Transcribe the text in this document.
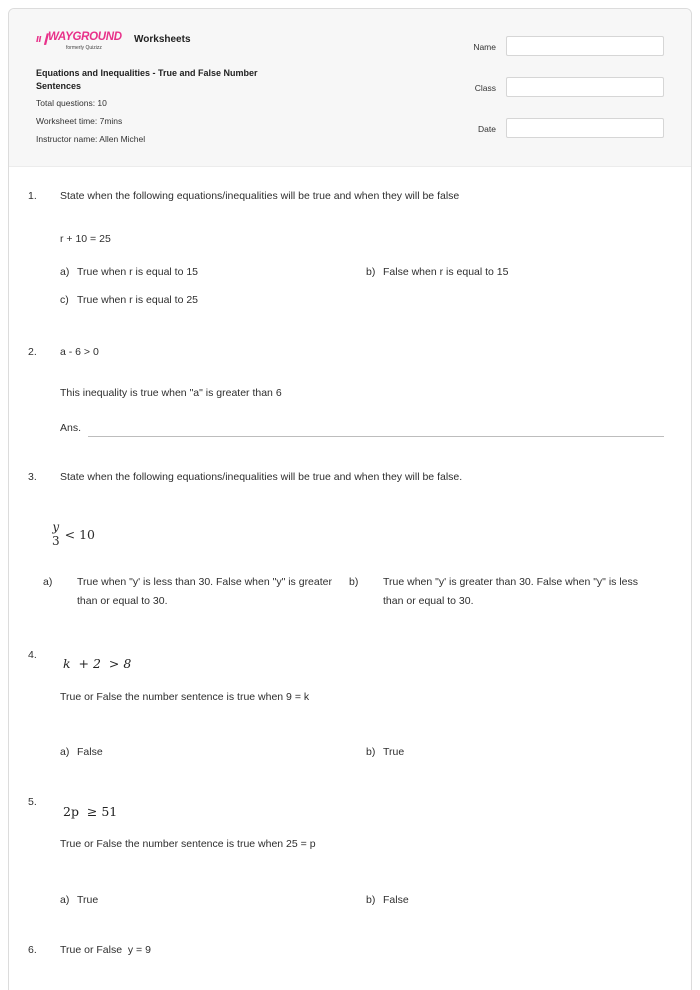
ıı❙
WAYGROUND
formerly Quizizz
Worksheets
Equations and Inequalities - True and False Number Sentences
Total questions: 10
Worksheet time: 7mins
Instructor name: Allen Michel
Name
Class
Date
1. State when the following equations/inequalities will be true and when they will be false
r + 10 = 25
a) True when r is equal to 15	b) False when r is equal to 15
c) True when r is equal to 25
2. a - 6 > 0
This inequality is true when "a" is greater than 6
Ans.
3. State when the following equations/inequalities will be true and when they will be false.
y
3 < 10
a) True when "y' is less than 30. False when "y" is greater than or equal to 30.
b) True when "y' is greater than 30. False when "y" is less than or equal to 30.
4.
k  + 2  > 8
True or False the number sentence is true when 9 = k
a) False	b) True
5.
2p  ≥ 51
True or False the number sentence is true when 25 = p
a) True	b) False
6. True or False  y = 9
